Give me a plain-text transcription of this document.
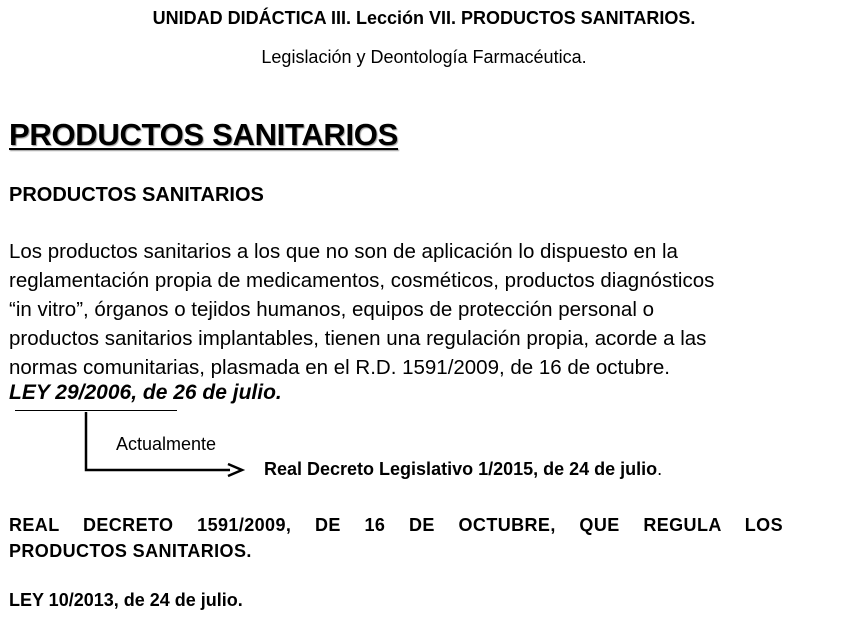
UNIDAD DIDÁCTICA III. Lección VII. PRODUCTOS SANITARIOS.
Legislación y Deontología Farmacéutica.
PRODUCTOS SANITARIOS
PRODUCTOS SANITARIOS
Los productos sanitarios a los que no son de aplicación lo dispuesto en la
reglamentación propia de medicamentos, cosméticos, productos diagnósticos
“in vitro”, órganos o tejidos humanos, equipos de protección personal o
productos sanitarios implantables, tienen una regulación propia, acorde a las
normas comunitarias, plasmada en el R.D. 1591/2009, de 16 de octubre.
LEY 29/2006, de 26 de julio.
Actualmente
Real Decreto Legislativo 1/2015, de 24 de julio.
REAL DECRETO 1591/2009, DE 16 DE OCTUBRE, QUE REGULA LOS
PRODUCTOS SANITARIOS.
LEY 10/2013, de 24 de julio.
